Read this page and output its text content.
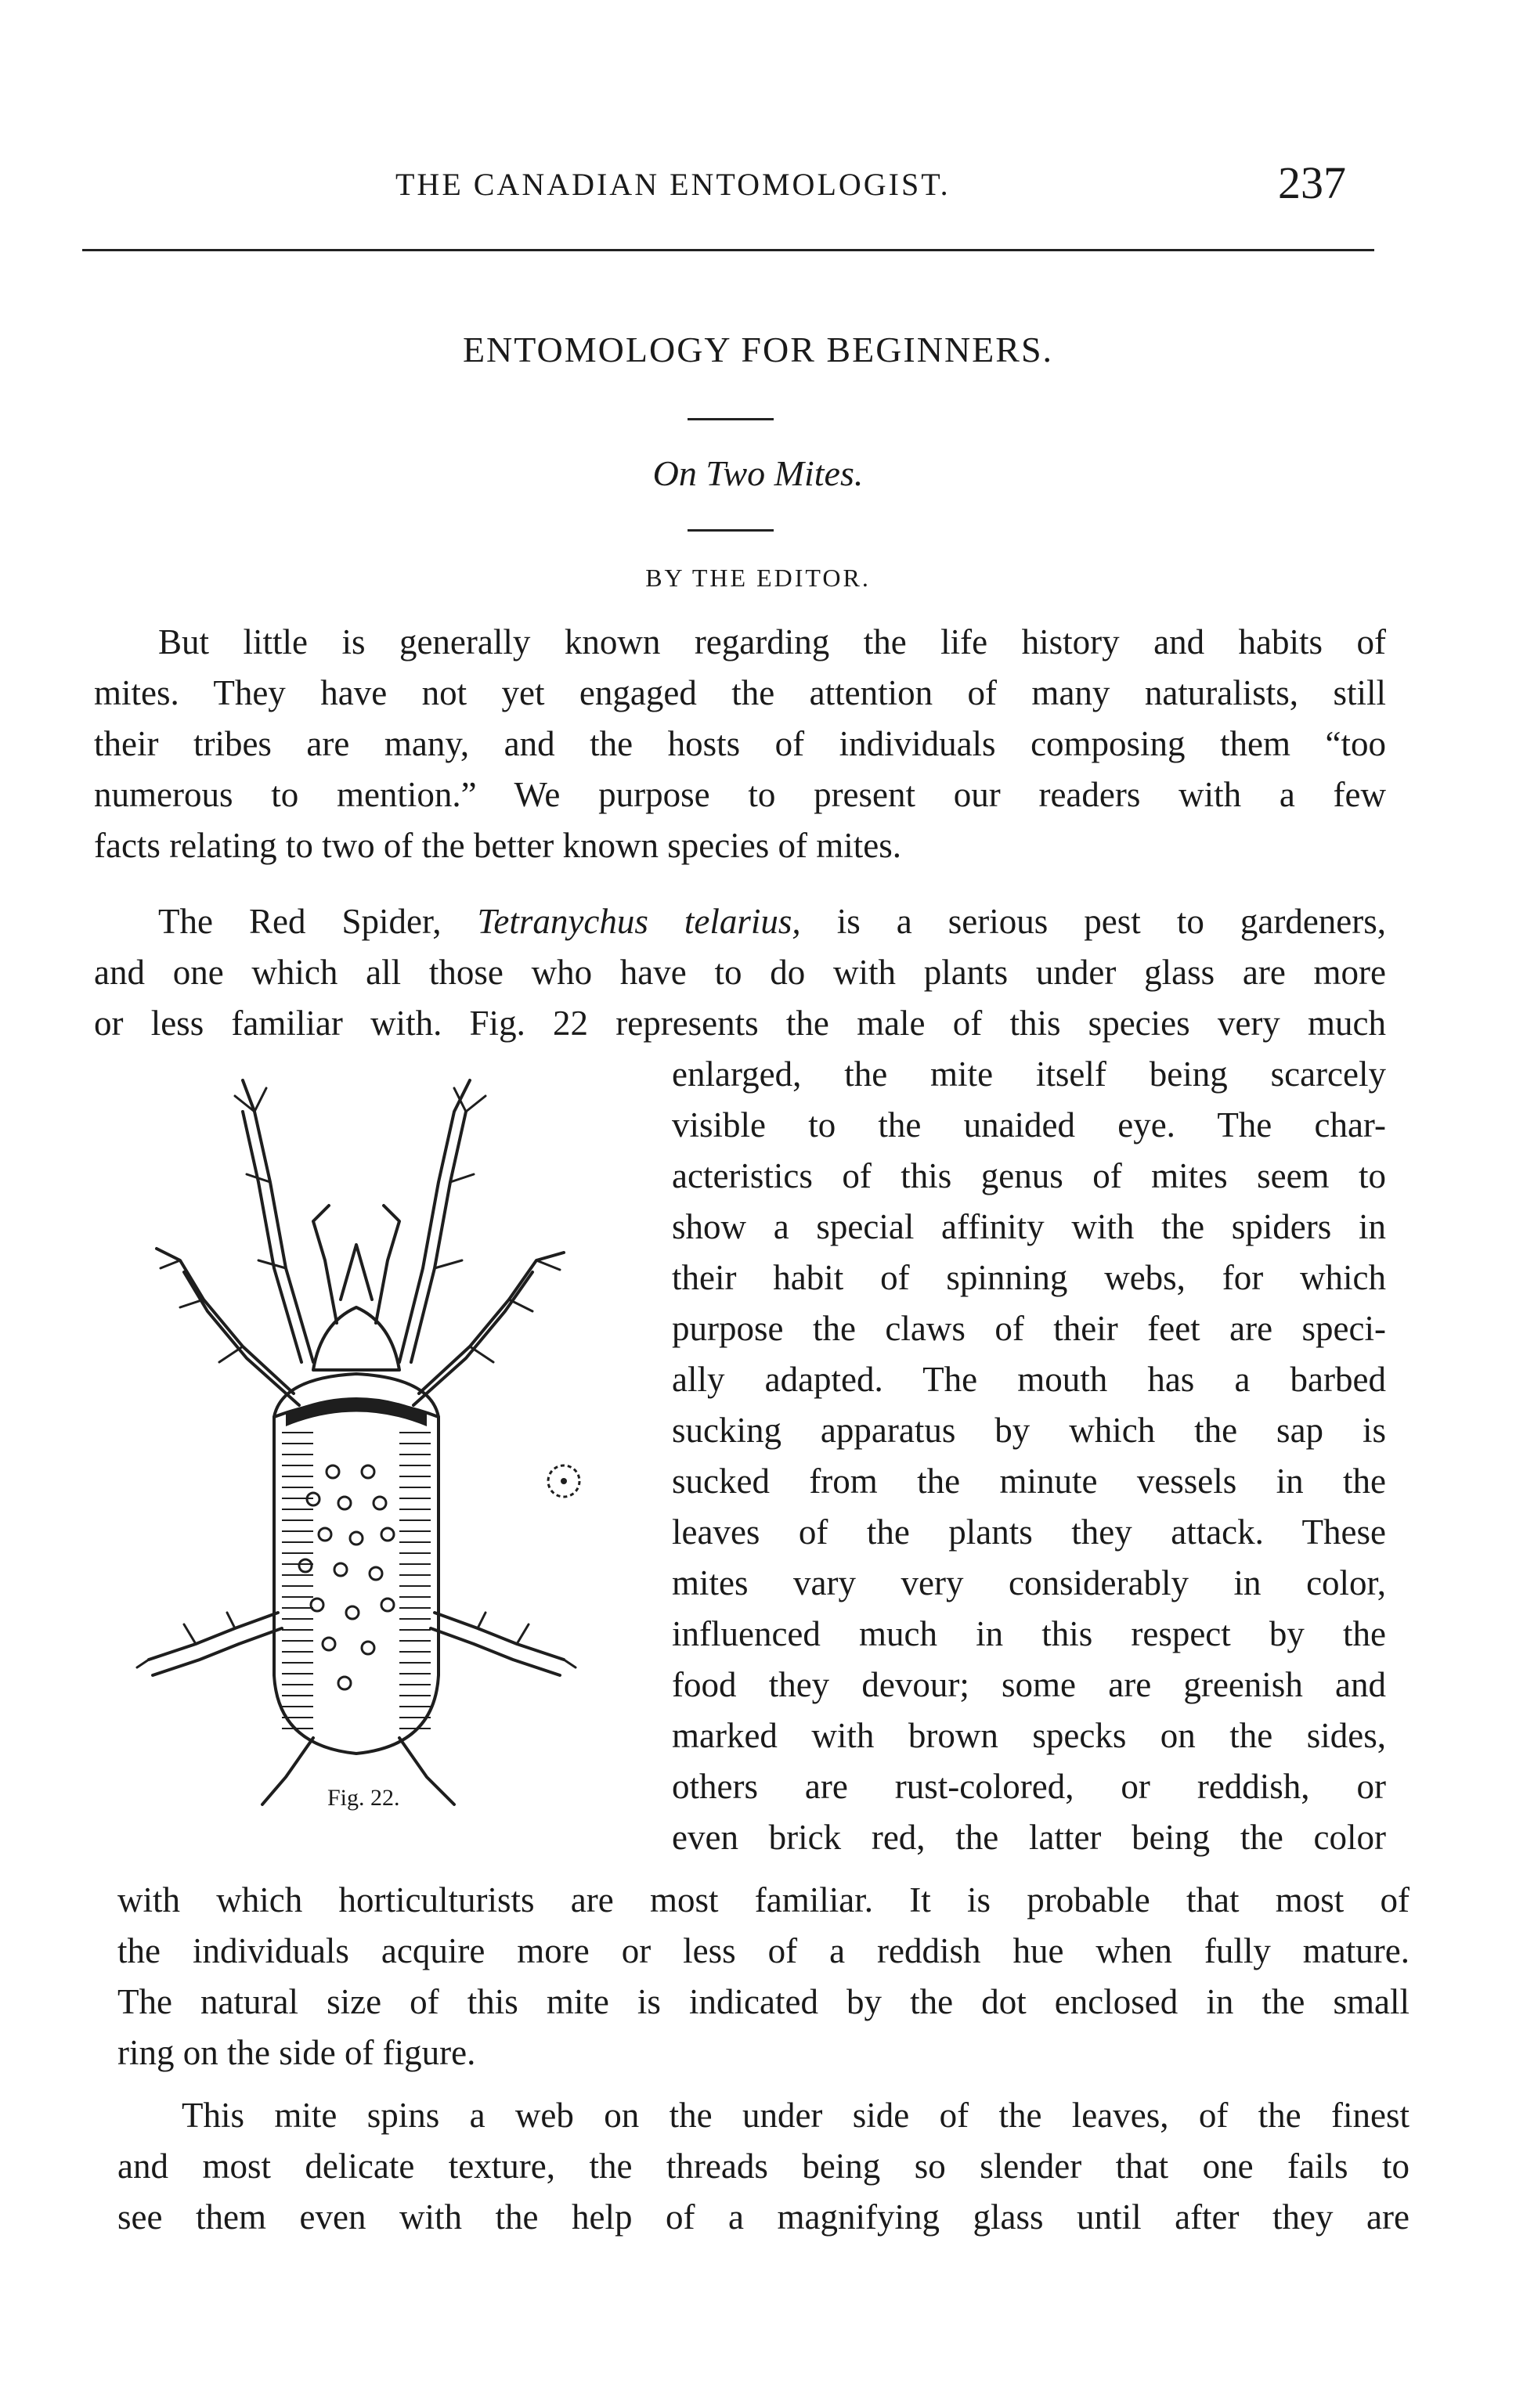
THE CANADIAN ENTOMOLOGIST.	237
ENTOMOLOGY FOR BEGINNERS.
On Two Mites.
BY THE EDITOR.
But little is generally known regarding the life history and habits of
mites. They have not yet engaged the attention of many naturalists, still
their tribes are many, and the hosts of individuals composing them “too
numerous to mention.” We purpose to present our readers with a few
facts relating to two of the better known species of mites.
The Red Spider, Tetranychus telarius, is a serious pest to gardeners,
and one which all those who have to do with plants under glass are more
or less familiar with. Fig. 22 represents the male of this species very much
enlarged, the mite itself being scarcely
visible to the unaided eye. The char-
acteristics of this genus of mites seem to
show a special affinity with the spiders in
their habit of spinning webs, for which
purpose the claws of their feet are speci-
ally adapted. The mouth has a barbed
sucking apparatus by which the sap is
sucked from the minute vessels in the
leaves of the plants they attack. These
mites vary very considerably in color,
influenced much in this respect by the
food they devour; some are greenish and
marked with brown specks on the sides,
others are rust-colored, or reddish, or
even brick red, the latter being the color
with which horticulturists are most familiar. It is probable that most of
the individuals acquire more or less of a reddish hue when fully mature.
The natural size of this mite is indicated by the dot enclosed in the small
ring on the side of figure.
This mite spins a web on the under side of the leaves, of the finest
and most delicate texture, the threads being so slender that one fails to
see them even with the help of a magnifying glass until after they are
Fig. 22.
